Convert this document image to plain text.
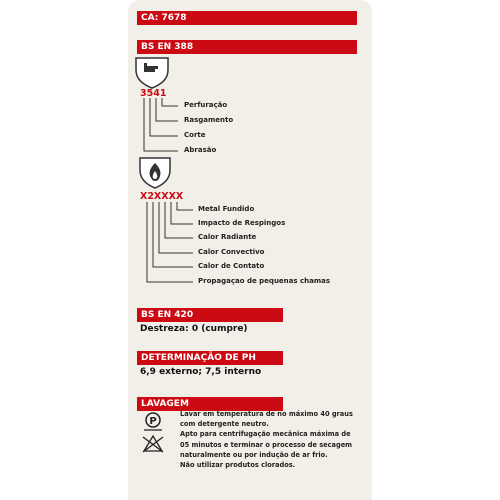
CA: 7678
BS EN 388
P
3541
Perfuração
Rasgamento
Corte
Abrasão
X2XXXX
Metal Fundido
Impacto de Respingos
Calor Radiante
Calor Convectivo
Calor de Contato
Propagaçao de pequenas chamas
BS EN 420
Destreza: 0 (cumpre)
DETERMINAÇÃO DE PH
6,9 externo; 7,5 interno
LAVAGEM
Lavar em temperatura de no máximo 40 graus com detergente neutro.
Apto para centrifugação mecânica máxima de 05 minutos e terminar o processo de secagem naturalmente ou por indução de ar frio.
Não utilizar produtos clorados.
